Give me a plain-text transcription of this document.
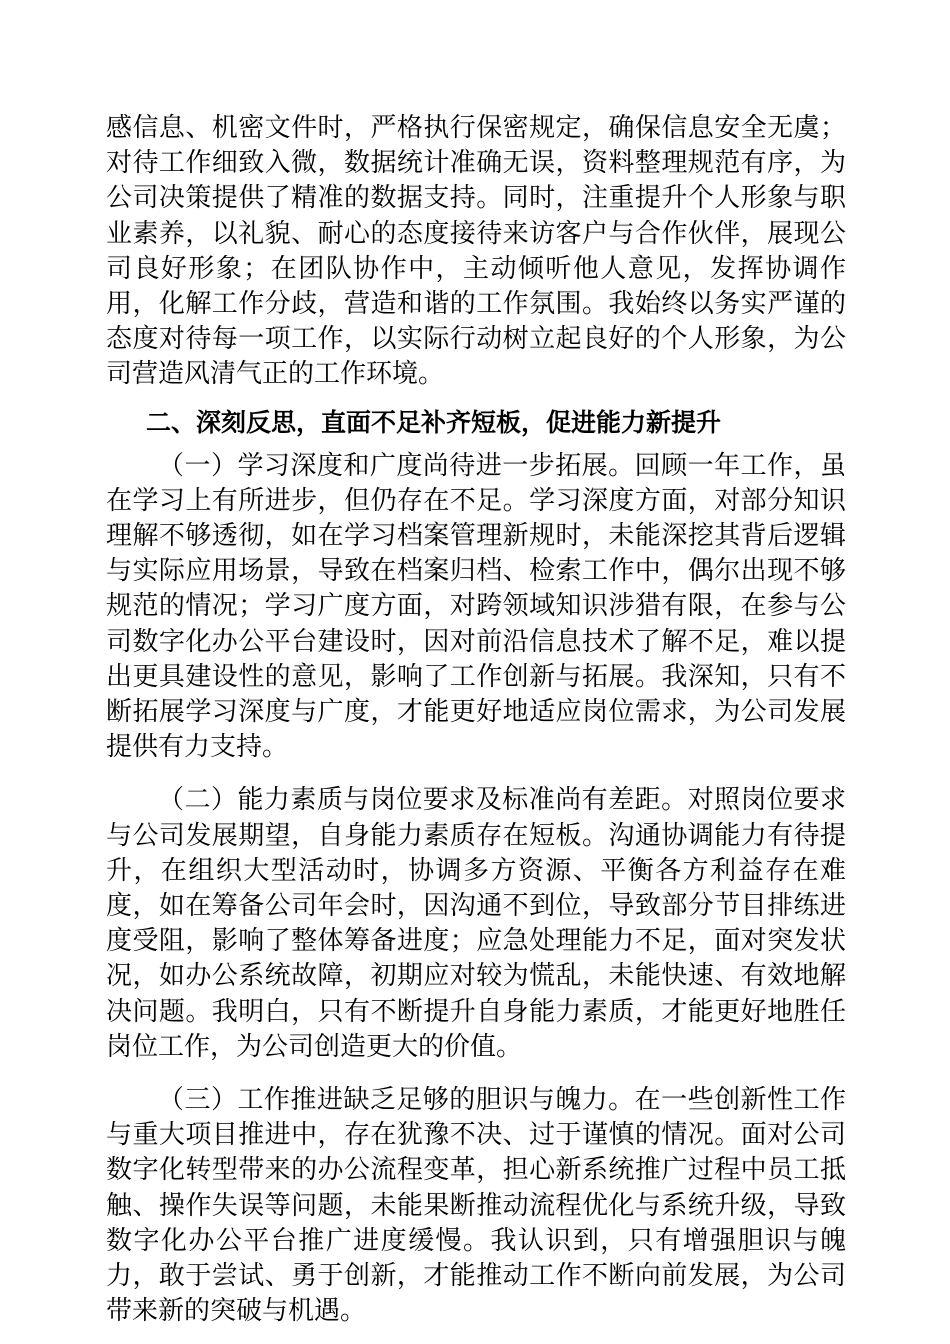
感信息、机密文件时，严格执行保密规定，确保信息安全无虞；对待工作细致入微，数据统计准确无误，资料整理规范有序，为公司决策提供了精准的数据支持。同时，注重提升个人形象与职业素养，以礼貌、耐心的态度接待来访客户与合作伙伴，展现公司良好形象；在团队协作中，主动倾听他人意见，发挥协调作用，化解工作分歧，营造和谐的工作氛围。我始终以务实严谨的态度对待每一项工作，以实际行动树立起良好的个人形象，为公司营造风清气正的工作环境。

二、深刻反思，直面不足补齐短板，促进能力新提升

（一）学习深度和广度尚待进一步拓展。回顾一年工作，虽在学习上有所进步，但仍存在不足。学习深度方面，对部分知识理解不够透彻，如在学习档案管理新规时，未能深挖其背后逻辑与实际应用场景，导致在档案归档、检索工作中，偶尔出现不够规范的情况；学习广度方面，对跨领域知识涉猎有限，在参与公司数字化办公平台建设时，因对前沿信息技术了解不足，难以提出更具建设性的意见，影响了工作创新与拓展。我深知，只有不断拓展学习深度与广度，才能更好地适应岗位需求，为公司发展提供有力支持。

（二）能力素质与岗位要求及标准尚有差距。对照岗位要求与公司发展期望，自身能力素质存在短板。沟通协调能力有待提升，在组织大型活动时，协调多方资源、平衡各方利益存在难度，如在筹备公司年会时，因沟通不到位，导致部分节目排练进度受阻，影响了整体筹备进度；应急处理能力不足，面对突发状况，如办公系统故障，初期应对较为慌乱，未能快速、有效地解决问题。我明白，只有不断提升自身能力素质，才能更好地胜任岗位工作，为公司创造更大的价值。

（三）工作推进缺乏足够的胆识与魄力。在一些创新性工作与重大项目推进中，存在犹豫不决、过于谨慎的情况。面对公司数字化转型带来的办公流程变革，担心新系统推广过程中员工抵触、操作失误等问题，未能果断推动流程优化与系统升级，导致数字化办公平台推广进度缓慢。我认识到，只有增强胆识与魄力，敢于尝试、勇于创新，才能推动工作不断向前发展，为公司带来新的突破与机遇。
